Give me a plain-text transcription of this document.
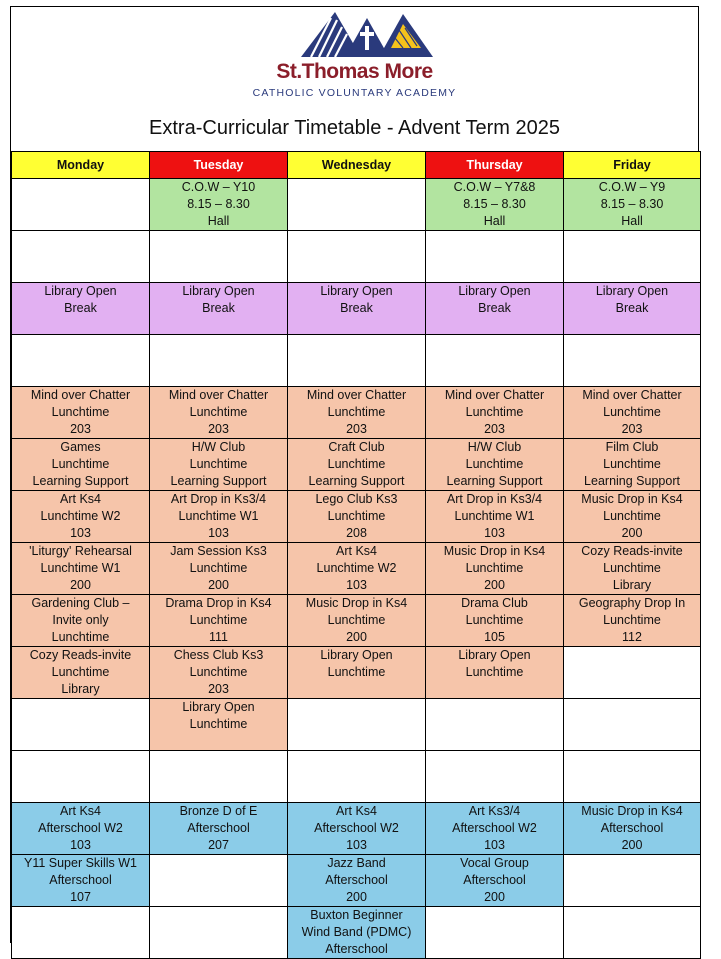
St.Thomas More
CATHOLIC VOLUNTARY ACADEMY
Extra-Curricular Timetable - Advent Term 2025
Monday	Tuesday	Wednesday	Thursday	Friday

	C.O.W – Y10
8.15 – 8.30
Hall		C.O.W – Y7&8
8.15 – 8.30
Hall	C.O.W – Y9
8.15 – 8.30
Hall

Library Open
Break	Library Open
Break	Library Open
Break	Library Open
Break	Library Open
Break

Mind over Chatter
Lunchtime
203	Mind over Chatter
Lunchtime
203	Mind over Chatter
Lunchtime
203	Mind over Chatter
Lunchtime
203	Mind over Chatter
Lunchtime
203

Games
Lunchtime
Learning Support	H/W Club
Lunchtime
Learning Support	Craft Club
Lunchtime
Learning Support	H/W Club
Lunchtime
Learning Support	Film Club
Lunchtime
Learning Support

Art Ks4
Lunchtime W2
103	Art Drop in Ks3/4
Lunchtime W1
103	Lego Club Ks3
Lunchtime
208	Art Drop in Ks3/4
Lunchtime W1
103	Music Drop in Ks4
Lunchtime
200

'Liturgy' Rehearsal
Lunchtime W1
200	Jam Session Ks3
Lunchtime
200	Art Ks4
Lunchtime W2
103	Music Drop in Ks4
Lunchtime
200	Cozy Reads-invite
Lunchtime
Library

Gardening Club –
Invite only
Lunchtime	Drama Drop in Ks4
Lunchtime
111	Music Drop in Ks4
Lunchtime
200	Drama Club
Lunchtime
105	Geography Drop In
Lunchtime
112

Cozy Reads-invite
Lunchtime
Library	Chess Club Ks3
Lunchtime
203	Library Open
Lunchtime	Library Open
Lunchtime	

	Library Open
Lunchtime			

Art Ks4
Afterschool W2
103	Bronze D of E
Afterschool
207	Art Ks4
Afterschool W2
103	Art Ks3/4
Afterschool W2
103	Music Drop in Ks4
Afterschool
200

Y11 Super Skills W1
Afterschool
107		Jazz Band
Afterschool
200	Vocal Group
Afterschool
200	

		Buxton Beginner
Wind Band (PDMC)
Afterschool		
